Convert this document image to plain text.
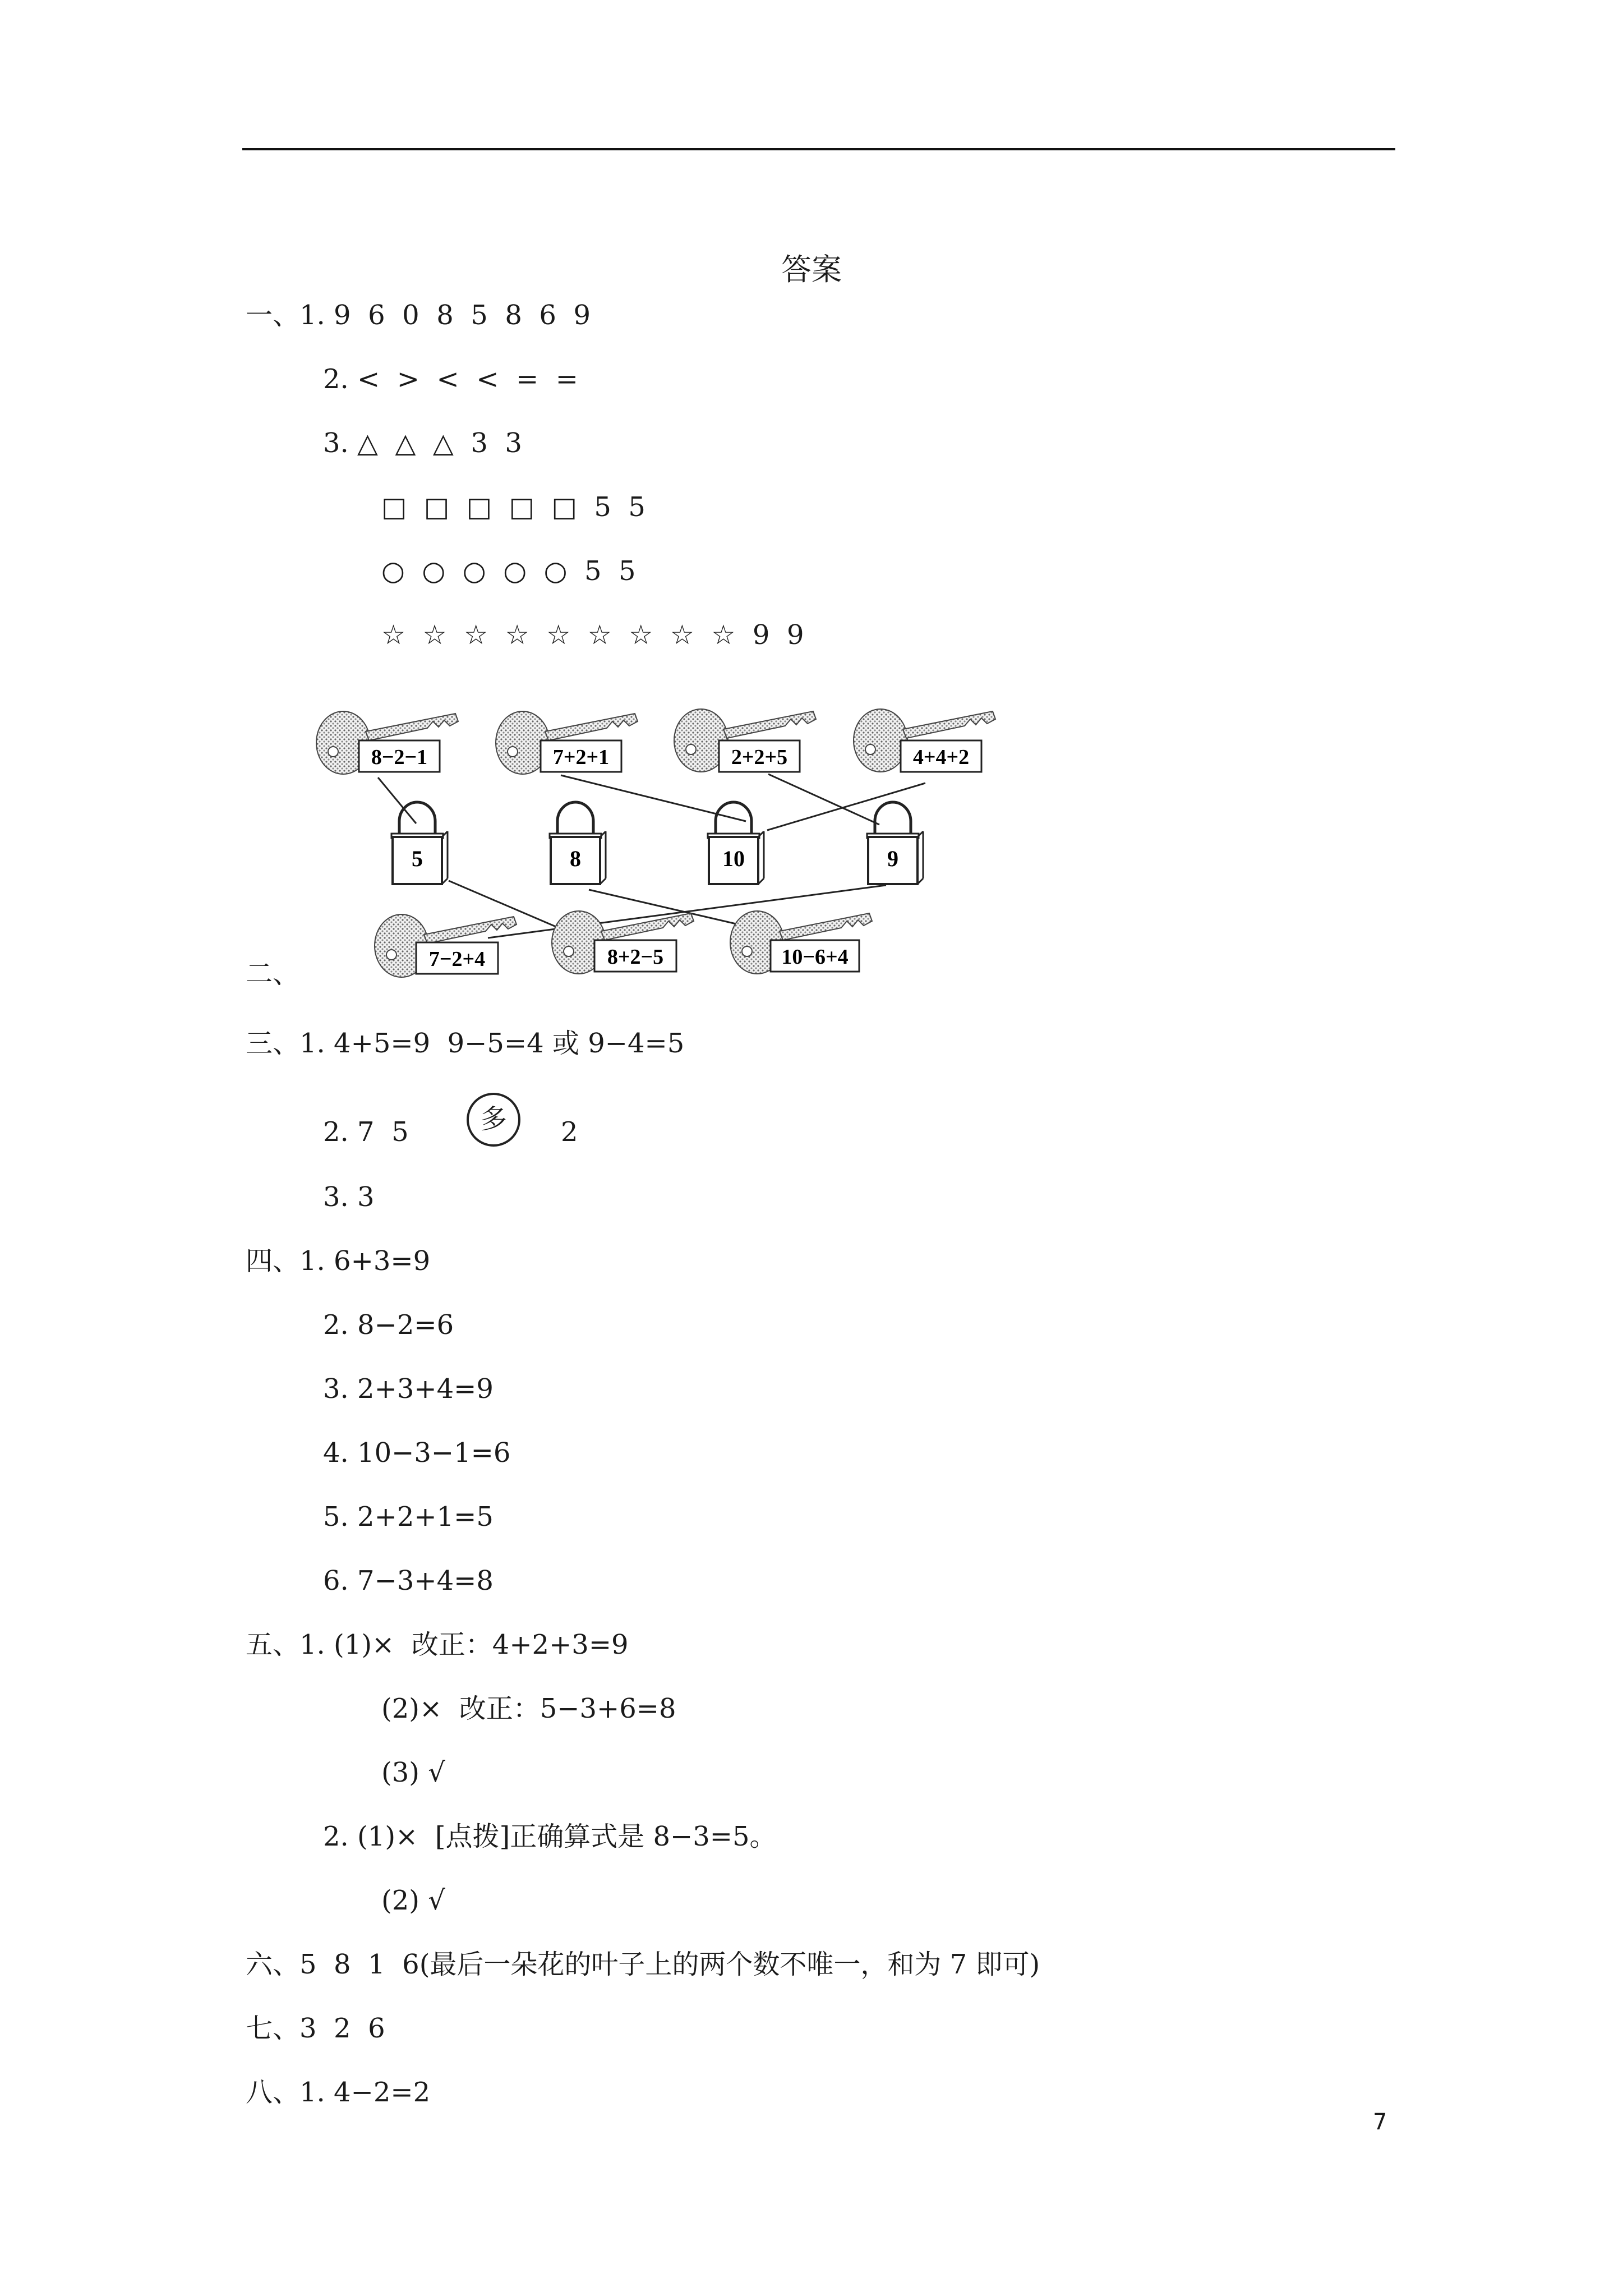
答案
一、1. 9  6  0  8  5  8  6  9
2. <  >  <  <  =  =
3. △  △  △  3  3
□  □  □  □  □  5  5
○  ○  ○  ○  ○  5  5
☆  ☆  ☆  ☆  ☆  ☆  ☆  ☆  ☆  9  9
8−2−1	7+2+1	2+2+5	4+4+2
5	8	10	9
7−2+4	8+2−5	10−6+4
二、
三、1. 4+5=9  9−5=4 或 9−4=5
2. 7  5	多	2
3. 3
四、1. 6+3=9
2. 8−2=6
3. 2+3+4=9
4. 10−3−1=6
5. 2+2+1=5
6. 7−3+4=8
五、1. (1)×  改正：4+2+3=9
(2)×  改正：5−3+6=8
(3) √
2. (1)×  [点拨]正确算式是 8−3=5。
(2) √
六、5  8  1  6(最后一朵花的叶子上的两个数不唯一，和为 7 即可)
七、3  2  6
八、1. 4−2=2
7
